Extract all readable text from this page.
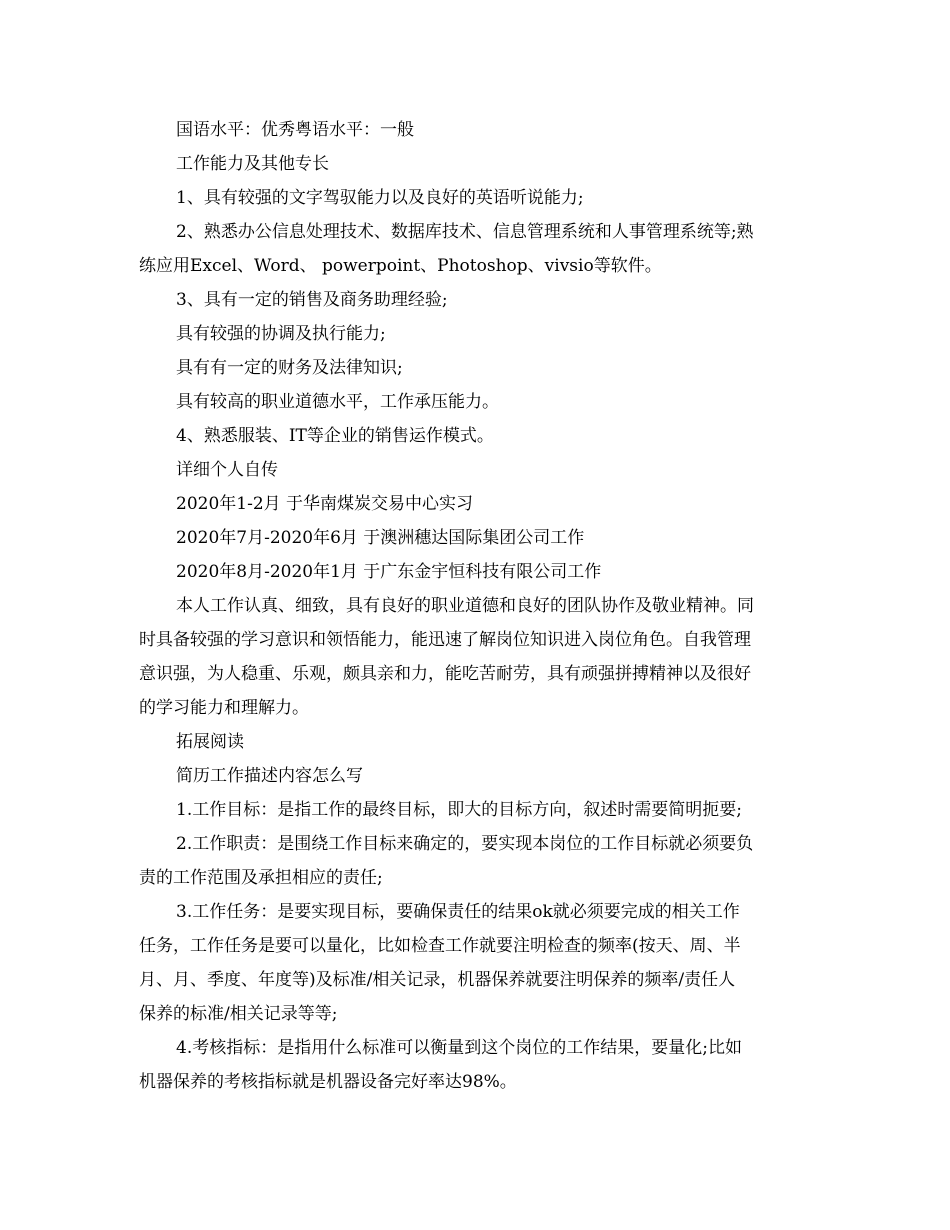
国语水平：优秀粤语水平：一般
工作能力及其他专长
1、具有较强的文字驾驭能力以及良好的英语听说能力;
2、熟悉办公信息处理技术、数据库技术、信息管理系统和人事管理系统等;熟
练应用Excel、Word、 powerpoint、Photoshop、vivsio等软件。
3、具有一定的销售及商务助理经验;
具有较强的协调及执行能力;
具有有一定的财务及法律知识;
具有较高的职业道德水平，工作承压能力。
4、熟悉服装、IT等企业的销售运作模式。
详细个人自传
2020年1-2月 于华南煤炭交易中心实习
2020年7月-2020年6月 于澳洲穗达国际集团公司工作
2020年8月-2020年1月 于广东金宇恒科技有限公司工作
本人工作认真、细致，具有良好的职业道德和良好的团队协作及敬业精神。同
时具备较强的学习意识和领悟能力，能迅速了解岗位知识进入岗位角色。自我管理
意识强，为人稳重、乐观，颇具亲和力，能吃苦耐劳，具有顽强拼搏精神以及很好
的学习能力和理解力。
拓展阅读
简历工作描述内容怎么写
1.工作目标：是指工作的最终目标，即大的目标方向，叙述时需要简明扼要;
2.工作职责：是围绕工作目标来确定的，要实现本岗位的工作目标就必须要负
责的工作范围及承担相应的责任;
3.工作任务：是要实现目标，要确保责任的结果ok就必须要完成的相关工作
任务，工作任务是要可以量化，比如检查工作就要注明检查的频率(按天、周、半
月、月、季度、年度等)及标准/相关记录，机器保养就要注明保养的频率/责任人
保养的标准/相关记录等等;
4.考核指标：是指用什么标准可以衡量到这个岗位的工作结果，要量化;比如
机器保养的考核指标就是机器设备完好率达98%。
